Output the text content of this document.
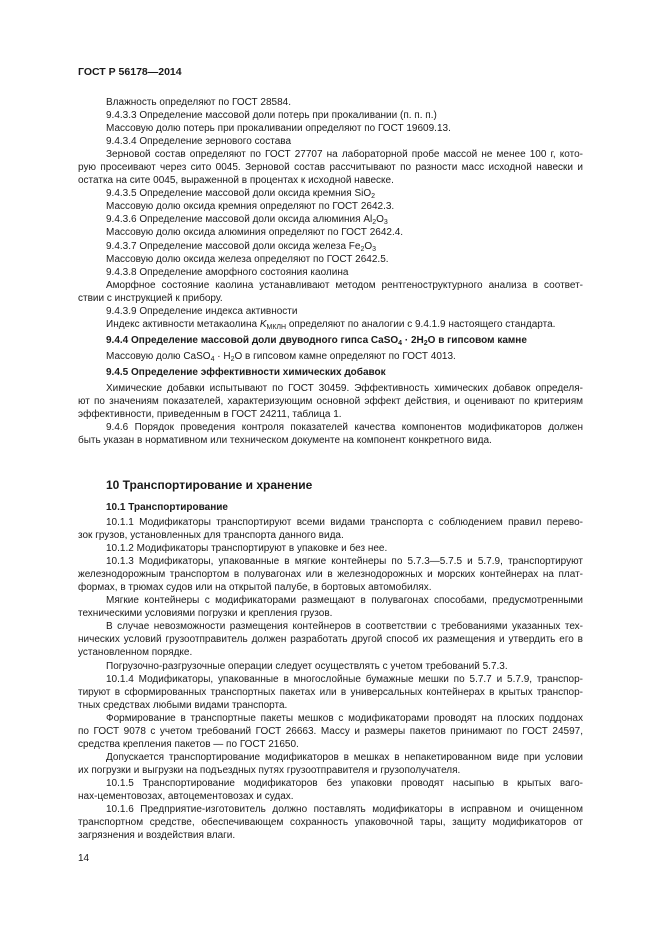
ГОСТ Р 56178—2014

Влажность определяют по ГОСТ 28584.

9.4.3.3 Определение массовой доли потерь при прокаливании (п. п. п.)

Массовую долю потерь при прокаливании определяют по ГОСТ 19609.13.

9.4.3.4 Определение зернового состава

Зерновой состав определяют по ГОСТ 27707 на лабораторной пробе массой не менее 100 г, кото-

рую просеивают через сито 0045. Зерновой состав рассчитывают по разности масс исходной навески и

остатка на сите 0045, выраженной в процентах к исходной навеске.

9.4.3.5 Определение массовой доли оксида кремния SiO$_2$

Массовую долю оксида кремния определяют по ГОСТ 2642.3.

9.4.3.6 Определение массовой доли оксида алюминия $Al_2O_3$

Массовую долю оксида алюминия определяют по ГОСТ 2642.4.

9.4.3.7 Определение массовой доли оксида железа $Fe_2O_3$

Массовую долю оксида железа определяют по ГОСТ 2642.5.

9.4.3.8 Определение аморфного состояния каолина

Аморфное состояние каолина устанавливают методом рентгеноструктурного анализа в соответ-

ствии с инструкцией к прибору.

9.4.3.9 Определение индекса активности

Индекс активности метакаолина $K_{МКЛН}$ определяют по аналогии с 9.4.1.9 настоящего стандарта.

9.4.4 Определение массовой доли двуводного гипса CaSO$_4$ · $2H_2O$ в гипсовом камне

Массовую долю CaSO$_4$ · $H_2O$ в гипсовом камне определяют по ГОСТ 4013.

9.4.5 Определение эффективности химических добавок

Химические добавки испытывают по ГОСТ 30459. Эффективность химических добавок определя-

ют по значениям показателей, характеризующим основной эффект действия, и оценивают по критериям

эффективности, приведенным в ГОСТ 24211, таблица 1.

9.4.6 Порядок проведения контроля показателей качества компонентов модификаторов должен

быть указан в нормативном или техническом документе на компонент конкретного вида.

10 Транспортирование и хранение
10.1 Транспортирование

10.1.1 Модификаторы транспортируют всеми видами транспорта с соблюдением правил перево-

зок грузов, установленных для транспорта данного вида.

10.1.2 Модификаторы транспортируют в упаковке и без нее.

10.1.3 Модификаторы, упакованные в мягкие контейнеры по 5.7.3—5.7.5 и 5.7.9, транспортируют

железнодорожным транспортом в полувагонах или в железнодорожных и морских контейнерах на плат-

формах, в трюмах судов или на открытой палубе, в бортовых автомобилях.

Мягкие контейнеры с модификаторами размещают в полувагонах способами, предусмотренными

техническими условиями погрузки и крепления грузов.

В случае невозможности размещения контейнеров в соответствии с требованиями указанных тех-

нических условий грузоотправитель должен разработать другой способ их размещения и утвердить его в

установленном порядке.

Погрузочно-разгрузочные операции следует осуществлять с учетом требований 5.7.3.

10.1.4 Модификаторы, упакованные в многослойные бумажные мешки по 5.7.7 и 5.7.9, транспор-

тируют в сформированных транспортных пакетах или в универсальных контейнерах в крытых транспор-

тных средствах любыми видами транспорта.

Формирование в транспортные пакеты мешков с модификаторами проводят на плоских поддонах

по ГОСТ 9078 с учетом требований ГОСТ 26663. Массу и размеры пакетов принимают по ГОСТ 24597,

средства крепления пакетов — по ГОСТ 21650.

Допускается транспортирование модификаторов в мешках в непакетированном виде при условии

их погрузки и выгрузки на подъездных путях грузоотправителя и грузополучателя.

10.1.5 Транспортирование модификаторов без упаковки проводят насыпью в крытых ваго-

нах-цементовозах, автоцементовозах и судах.

10.1.6 Предприятие-изготовитель должно поставлять модификаторы в исправном и очищенном

транспортном средстве, обеспечивающем сохранность упаковочной тары, защиту модификаторов от

загрязнения и воздействия влаги.

14
